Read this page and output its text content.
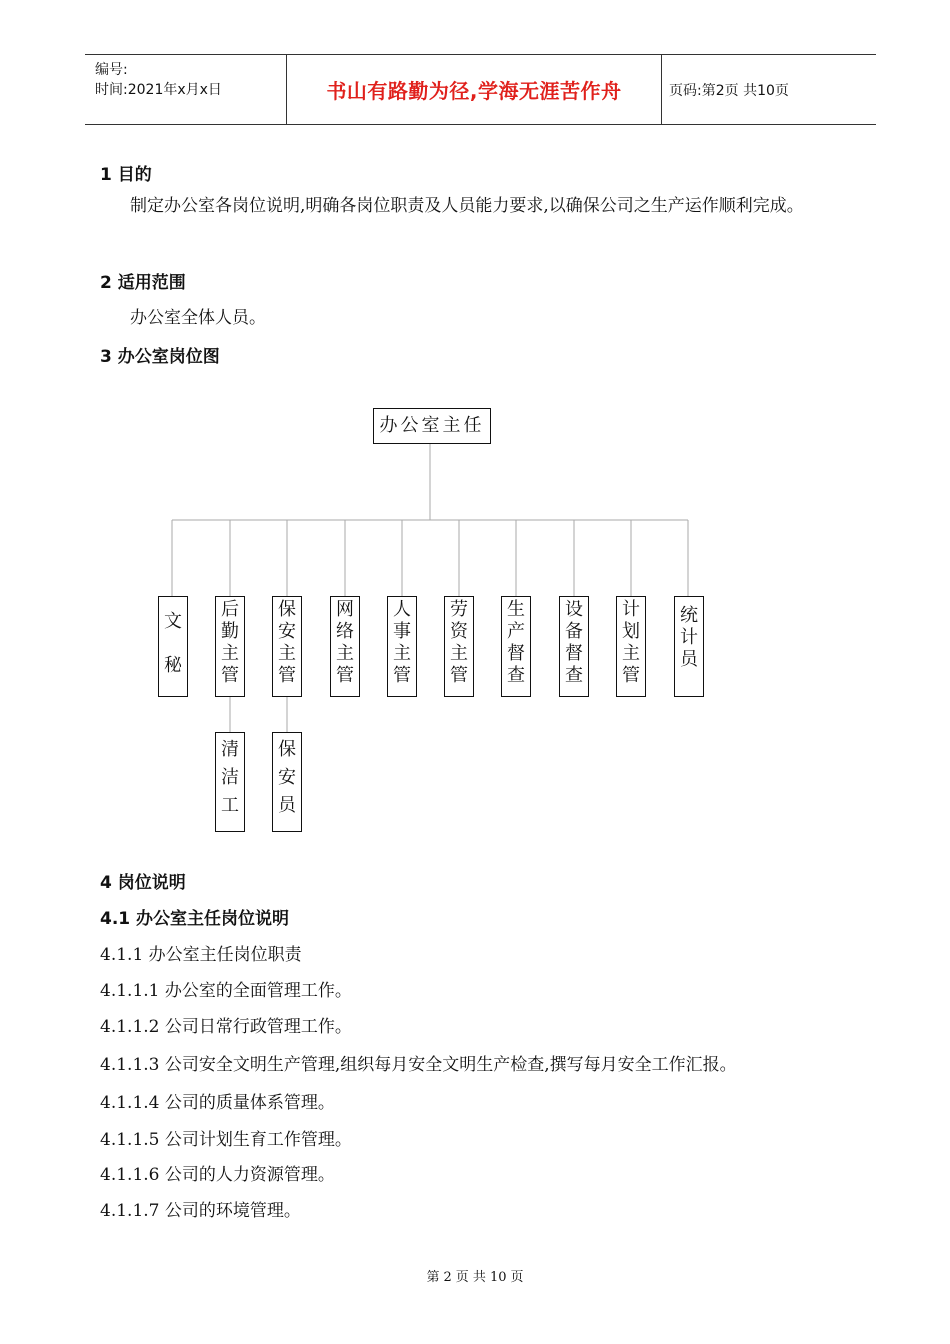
编号:
时间:2021年x月x日	书山有路勤为径,学海无涯苦作舟	页码:第2页 共10页
1 目的
制定办公室各岗位说明,明确各岗位职责及人员能力要求,以确保公司之生产运作顺利完成。
2 适用范围
办公室全体人员。
3 办公室岗位图
办公室主任
文
秘
后
勤
主
管
保
安
主
管
网
络
主
管
人
事
主
管
劳
资
主
管
生
产
督
查
设
备
督
查
计
划
主
管
统
计
员
清
洁
工
保
安
员
4 岗位说明
4.1 办公室主任岗位说明
4.1.1 办公室主任岗位职责
4.1.1.1 办公室的全面管理工作。
4.1.1.2 公司日常行政管理工作。
4.1.1.3 公司安全文明生产管理,组织每月安全文明生产检查,撰写每月安全工作汇报。
4.1.1.4 公司的质量体系管理。
4.1.1.5 公司计划生育工作管理。
4.1.1.6 公司的人力资源管理。
4.1.1.7 公司的环境管理。
第 2 页 共 10 页
